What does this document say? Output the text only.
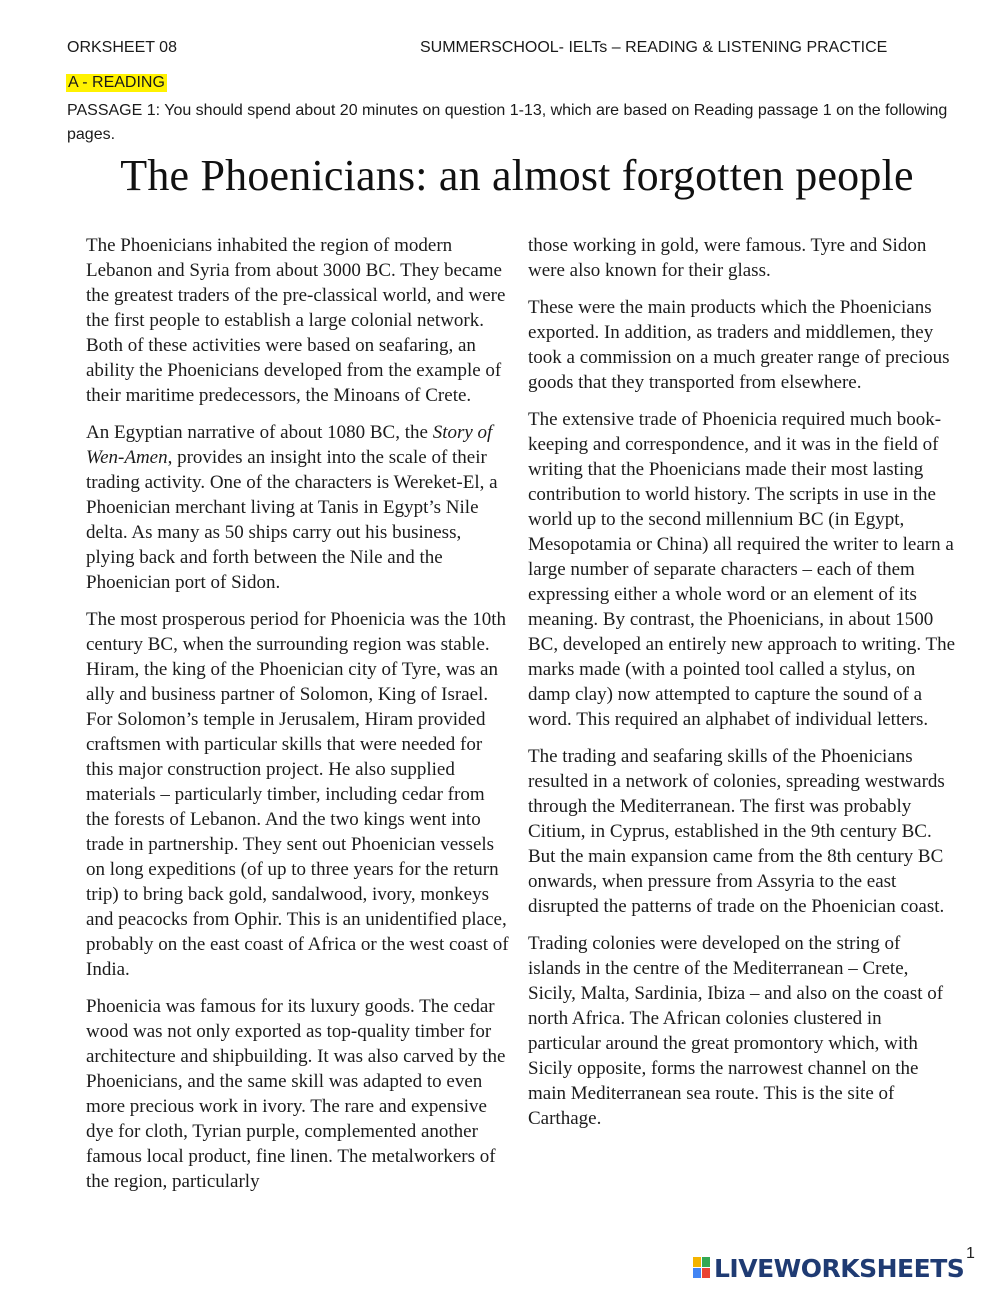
ORKSHEET 08	SUMMERSCHOOL- IELTs – READING & LISTENING PRACTICE
A - READING
PASSAGE 1: You should spend about 20 minutes on question 1-13, which are based on Reading passage 1 on the following pages.
The Phoenicians: an almost forgotten people

The Phoenicians inhabited the region of modern Lebanon and Syria from about 3000 BC. They became the greatest traders of the pre-classical world, and were the first people to establish a large colonial network. Both of these activities were based on seafaring, an ability the Phoenicians developed from the example of their maritime predecessors, the Minoans of Crete.

An Egyptian narrative of about 1080 BC, the Story of Wen-Amen, provides an insight into the scale of their trading activity. One of the characters is Wereket-El, a Phoenician merchant living at Tanis in Egypt’s Nile delta. As many as 50 ships carry out his business, plying back and forth between the Nile and the Phoenician port of Sidon.

The most prosperous period for Phoenicia was the 10th century BC, when the surrounding region was stable. Hiram, the king of the Phoenician city of Tyre, was an ally and business partner of Solomon, King of Israel. For Solomon’s temple in Jerusalem, Hiram provided craftsmen with particular skills that were needed for this major construction project. He also supplied materials – particularly timber, including cedar from the forests of Lebanon. And the two kings went into trade in partnership. They sent out Phoenician vessels on long expeditions (of up to three years for the return trip) to bring back gold, sandalwood, ivory, monkeys and peacocks from Ophir. This is an unidentified place, probably on the east coast of Africa or the west coast of India.

Phoenicia was famous for its luxury goods. The cedar wood was not only exported as top-quality timber for architecture and shipbuilding. It was also carved by the Phoenicians, and the same skill was adapted to even more precious work in ivory. The rare and expensive dye for cloth, Tyrian purple, complemented another famous local product, fine linen. The metalworkers of the region, particularly

those working in gold, were famous. Tyre and Sidon were also known for their glass.

These were the main products which the Phoenicians exported. In addition, as traders and middlemen, they took a commission on a much greater range of precious goods that they transported from elsewhere.

The extensive trade of Phoenicia required much book-keeping and correspondence, and it was in the field of writing that the Phoenicians made their most lasting contribution to world history. The scripts in use in the world up to the second millennium BC (in Egypt, Mesopotamia or China) all required the writer to learn a large number of separate characters – each of them expressing either a whole word or an element of its meaning. By contrast, the Phoenicians, in about 1500 BC, developed an entirely new approach to writing. The marks made (with a pointed tool called a stylus, on damp clay) now attempted to capture the sound of a word. This required an alphabet of individual letters.

The trading and seafaring skills of the Phoenicians resulted in a network of colonies, spreading westwards through the Mediterranean. The first was probably Citium, in Cyprus, established in the 9th century BC. But the main expansion came from the 8th century BC onwards, when pressure from Assyria to the east disrupted the patterns of trade on the Phoenician coast.

Trading colonies were developed on the string of islands in the centre of the Mediterranean – Crete, Sicily, Malta, Sardinia, Ibiza – and also on the coast of north Africa. The African colonies clustered in particular around the great promontory which, with Sicily opposite, forms the narrowest channel on the main Mediterranean sea route. This is the site of Carthage.

LIVEWORKSHEETS 1
